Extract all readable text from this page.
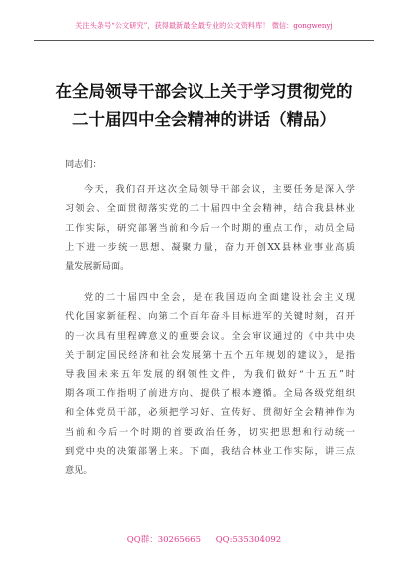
关注头条号“公文研究”，获得最新最全最专业的公文资料库！ 微信：gongwenyj
在全局领导干部会议上关于学习贯彻党的
二十届四中全会精神的讲话（精品）
同志们：
今天，我们召开这次全局领导干部会议，主要任务是深入学
习领会、全面贯彻落实党的二十届四中全会精神，结合我县林业
工作实际，研究部署当前和今后一个时期的重点工作，动员全局
上下进一步统一思想、凝聚力量，奋力开创XX县林业事业高质
量发展新局面。
党的二十届四中全会，是在我国迈向全面建设社会主义现
代化国家新征程、向第二个百年奋斗目标进军的关键时刻，召开
的一次具有里程碑意义的重要会议。全会审议通过的《中共中央
关于制定国民经济和社会发展第十五个五年规划的建议》，是指
导我国未来五年发展的纲领性文件，为我们做好“十五五”时
期各项工作指明了前进方向、提供了根本遵循。全局各级党组织
和全体党员干部，必须把学习好、宣传好、贯彻好全会精神作为
当前和今后一个时期的首要政治任务，切实把思想和行动统一
到党中央的决策部署上来。下面，我结合林业工作实际，讲三点
意见。
QQ群：30265665 QQ:535304092
